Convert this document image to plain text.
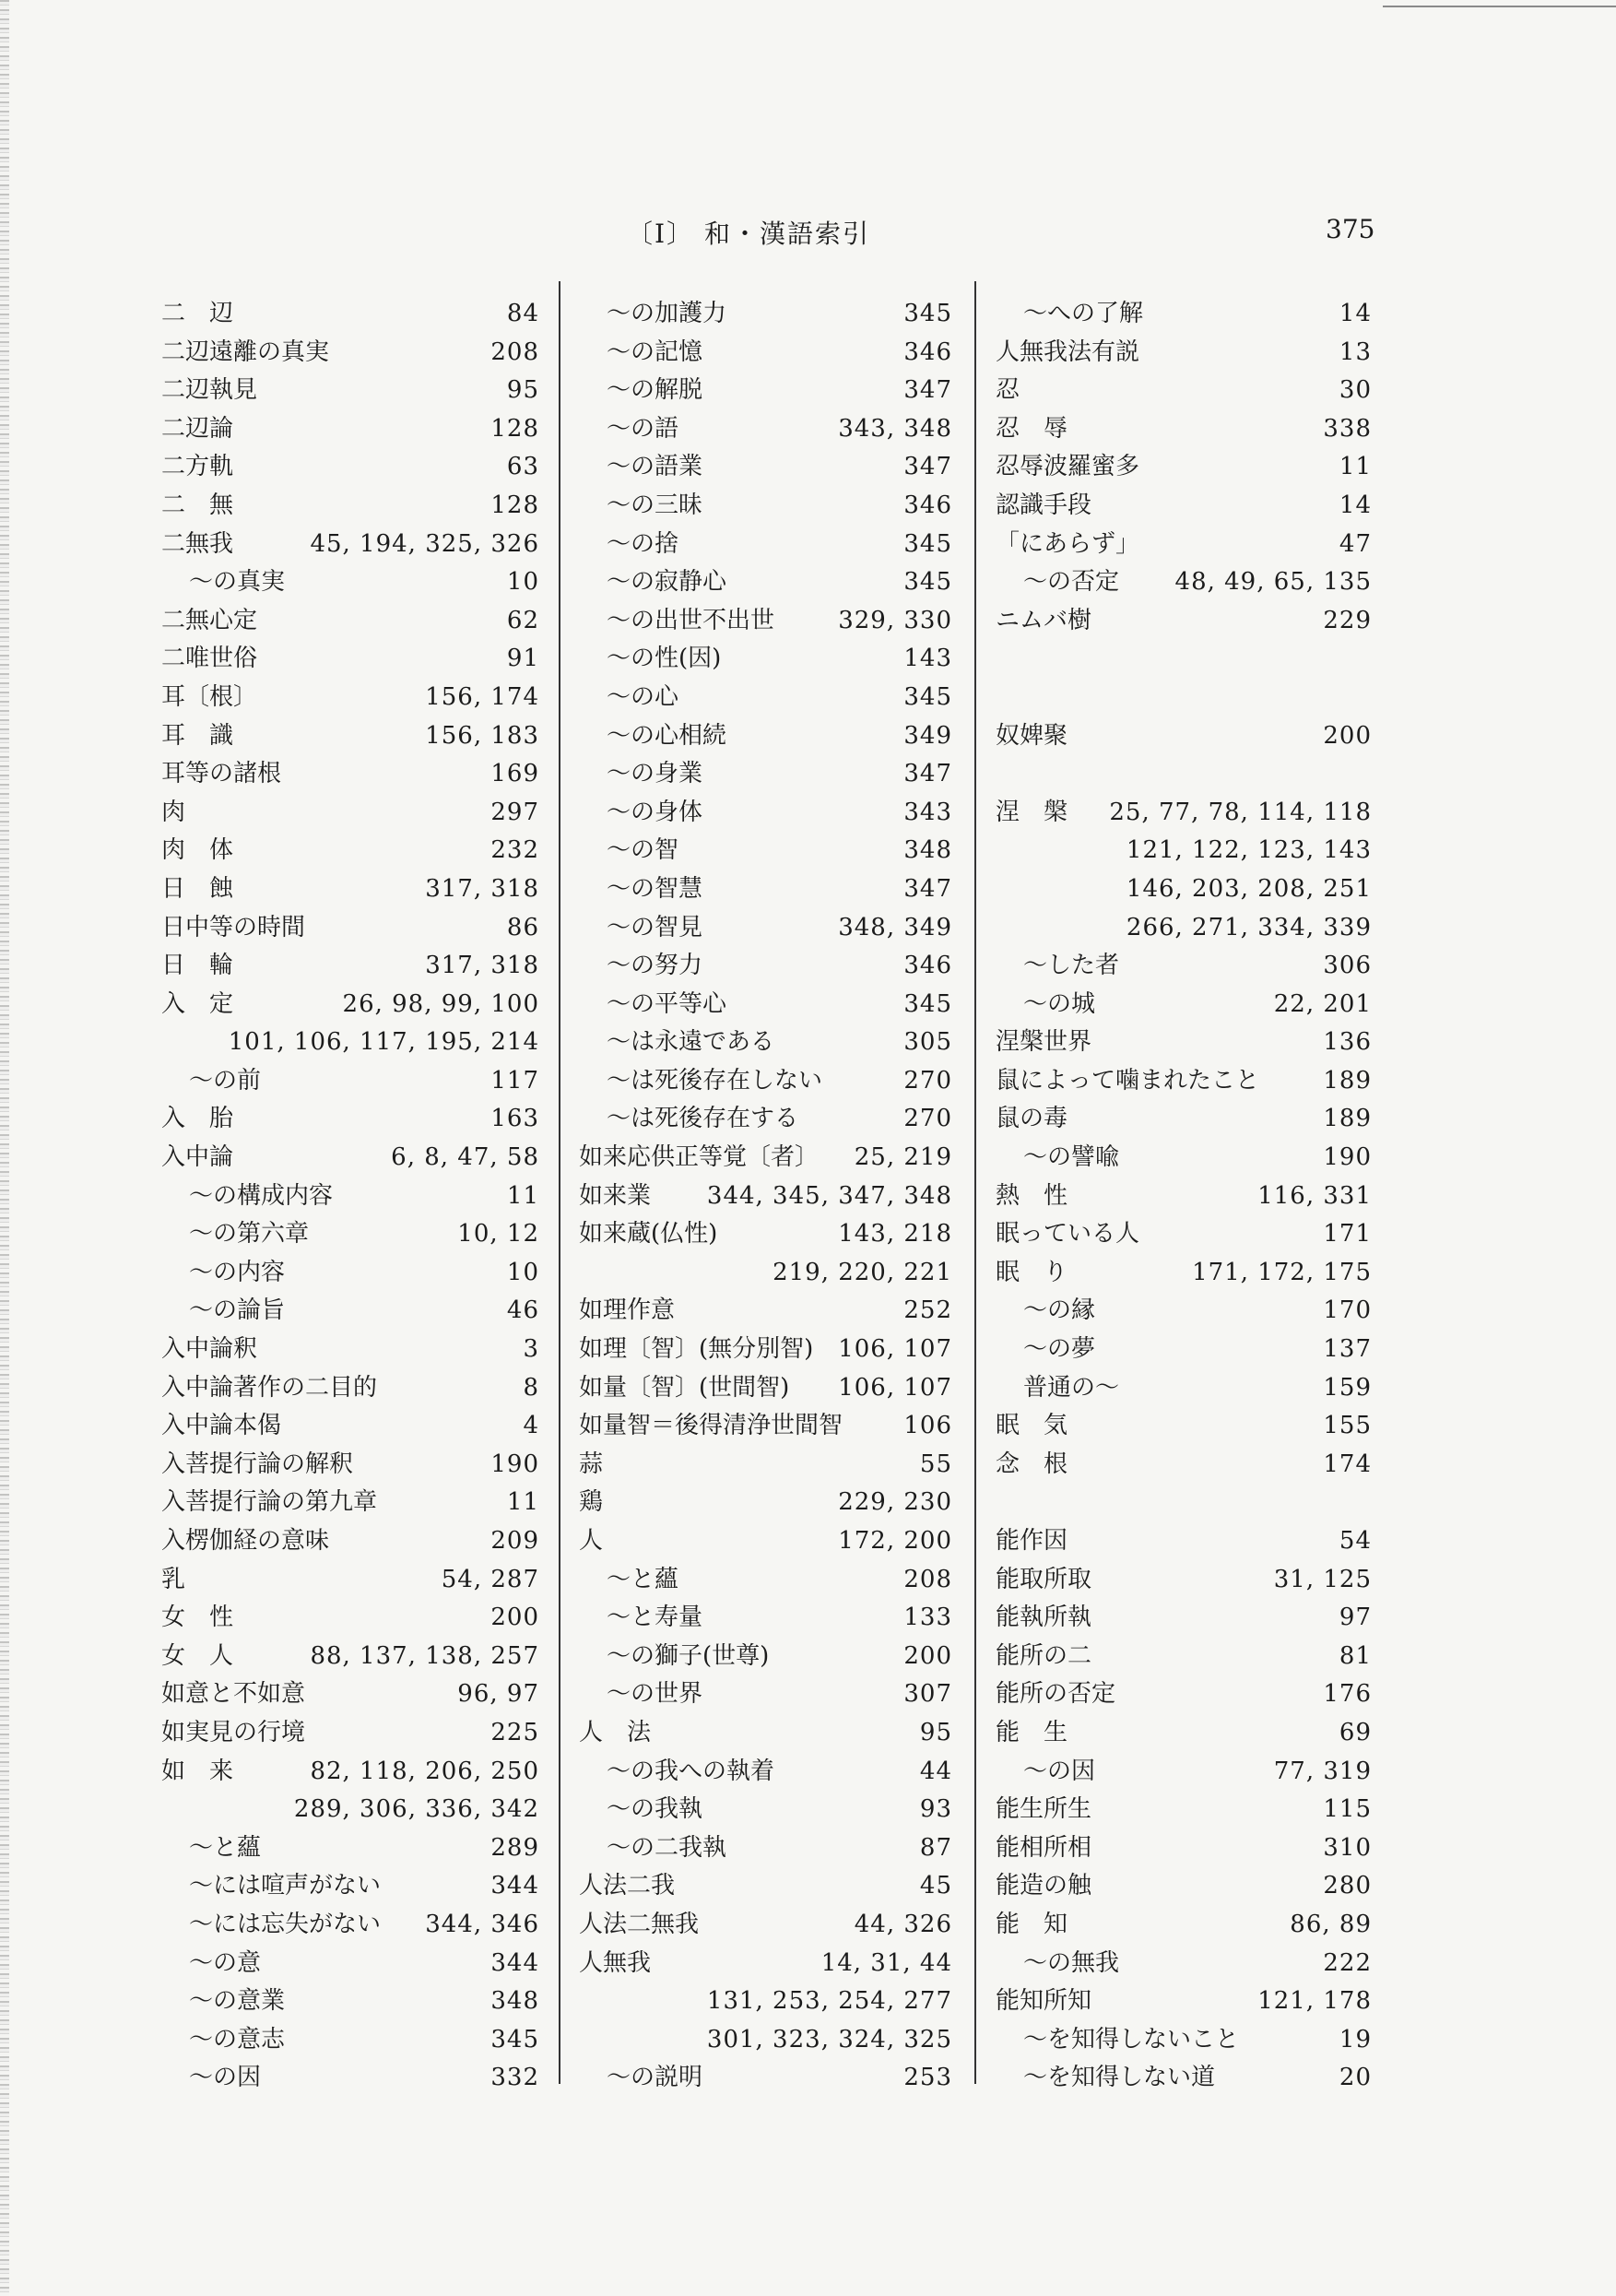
〔I〕 和・漢語索引	375
二　辺	84
二辺遠離の真実	208
二辺執見	95
二辺論	128
二方軌	63
二　無	128
二無我	45, 194, 325, 326
～の真実	10
二無心定	62
二唯世俗	91
耳〔根〕	156, 174
耳　識	156, 183
耳等の諸根	169
肉	297
肉　体	232
日　蝕	317, 318
日中等の時間	86
日　輪	317, 318
入　定	26, 98, 99, 100
101, 106, 117, 195, 214
～の前	117
入　胎	163
入中論	6, 8, 47, 58
～の構成内容	11
～の第六章	10, 12
～の内容	10
～の論旨	46
入中論釈	3
入中論著作の二目的	8
入中論本偈	4
入菩提行論の解釈	190
入菩提行論の第九章	11
入楞伽経の意味	209
乳	54, 287
女　性	200
女　人	88, 137, 138, 257
如意と不如意	96, 97
如実見の行境	225
如　来	82, 118, 206, 250
289, 306, 336, 342
～と蘊	289
～には喧声がない	344
～には忘失がない 344, 346
～の意	344
～の意業	348
～の意志	345
～の因	332
～の加護力	345
～の記憶	346
～の解脱	347
～の語	343, 348
～の語業	347
～の三昧	346
～の捨	345
～の寂静心	345
～の出世不出世	329, 330
～の性(因)	143
～の心	345
～の心相続	349
～の身業	347
～の身体	343
～の智	348
～の智慧	347
～の智見	348, 349
～の努力	346
～の平等心	345
～は永遠である	305
～は死後存在しない	270
～は死後存在する	270
如来応供正等覚〔者〕 25, 219
如来業 344, 345, 347, 348
如来蔵(仏性)	143, 218
219, 220, 221
如理作意	252
如理〔智〕(無分別智) 106, 107
如量〔智〕(世間智) 106, 107
如量智＝後得清浄世間智	106
蒜	55
鶏	229, 230
人	172, 200
～と蘊	208
～と寿量	133
～の獅子(世尊)	200
～の世界	307
人　法	95
～の我への執着	44
～の我執	93
～の二我執	87
人法二我	45
人法二無我	44, 326
人無我	14, 31, 44
131, 253, 254, 277
301, 323, 324, 325
～の説明	253
～への了解	14
人無我法有説	13
忍	30
忍　辱	338
忍辱波羅蜜多	11
認識手段	14
「にあらず」	47
～の否定 48, 49, 65, 135
ニムバ樹	229
奴婢聚	200
涅　槃 25, 77, 78, 114, 118
121, 122, 123, 143
146, 203, 208, 251
266, 271, 334, 339
～した者	306
～の城	22, 201
涅槃世界	136
鼠によって噛まれたこと	189
鼠の毒	189
～の譬喩	190
熱　性	116, 331
眠っている人	171
眠　り	171, 172, 175
～の縁	170
～の夢	137
普通の～	159
眠　気	155
念　根	174
能作因	54
能取所取	31, 125
能執所執	97
能所の二	81
能所の否定	176
能　生	69
～の因	77, 319
能生所生	115
能相所相	310
能造の触	280
能　知	86, 89
～の無我	222
能知所知	121, 178
～を知得しないこと	19
～を知得しない道	20
